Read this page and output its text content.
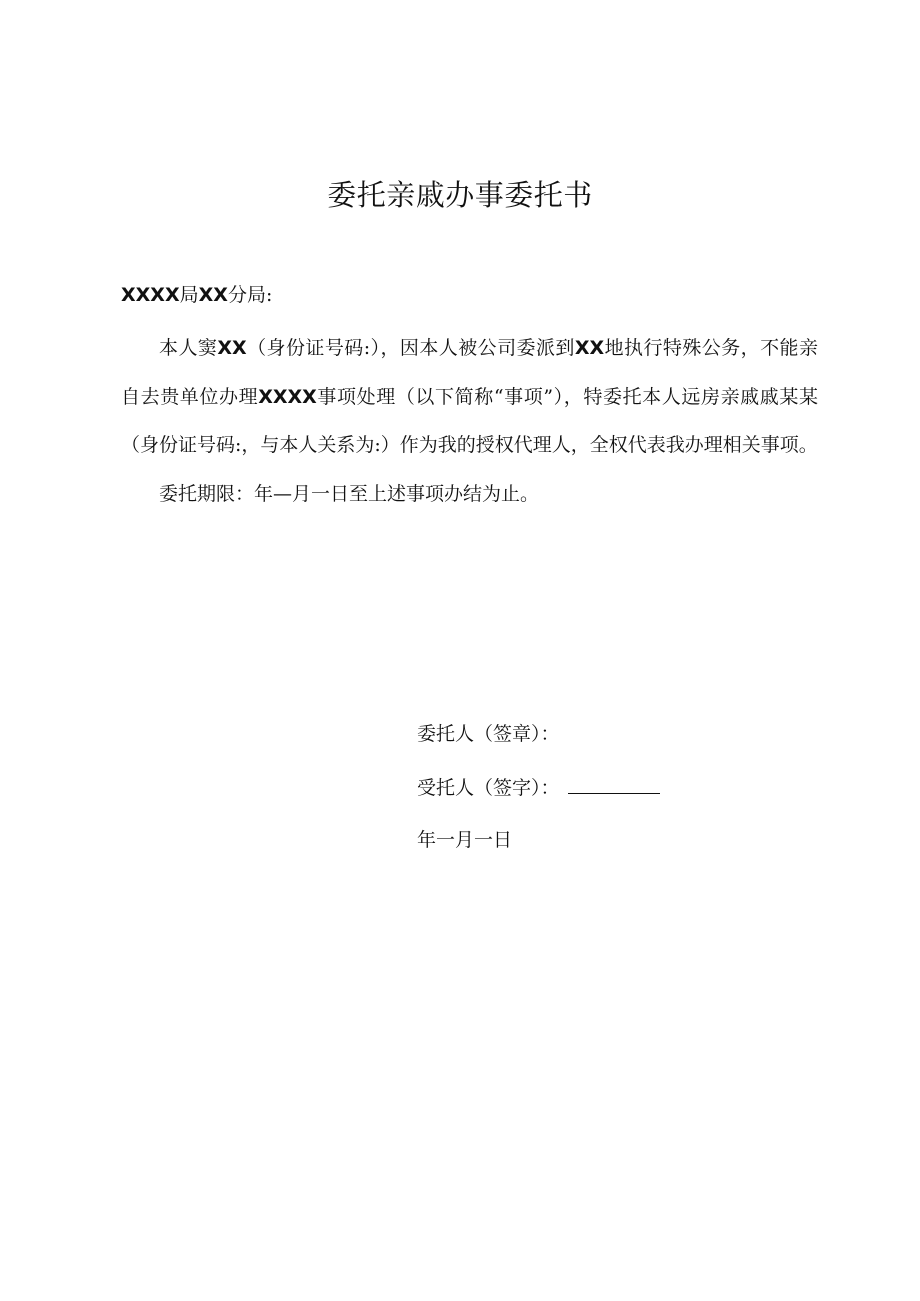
委托亲戚办事委托书
XXXX局XX分局:

本人窦XX（身份证号码:），因本人被公司委派到XX地执行特殊公务，不能亲自去贵单位办理XXXX事项处理（以下简称“事项”），特委托本人远房亲戚戚某某（身份证号码:，与本人关系为:）作为我的授权代理人，全权代表我办理相关事项。

委托期限：年—月一日至上述事项办结为止。

委托人（签章）：
受托人（签字）：
年一月一日
